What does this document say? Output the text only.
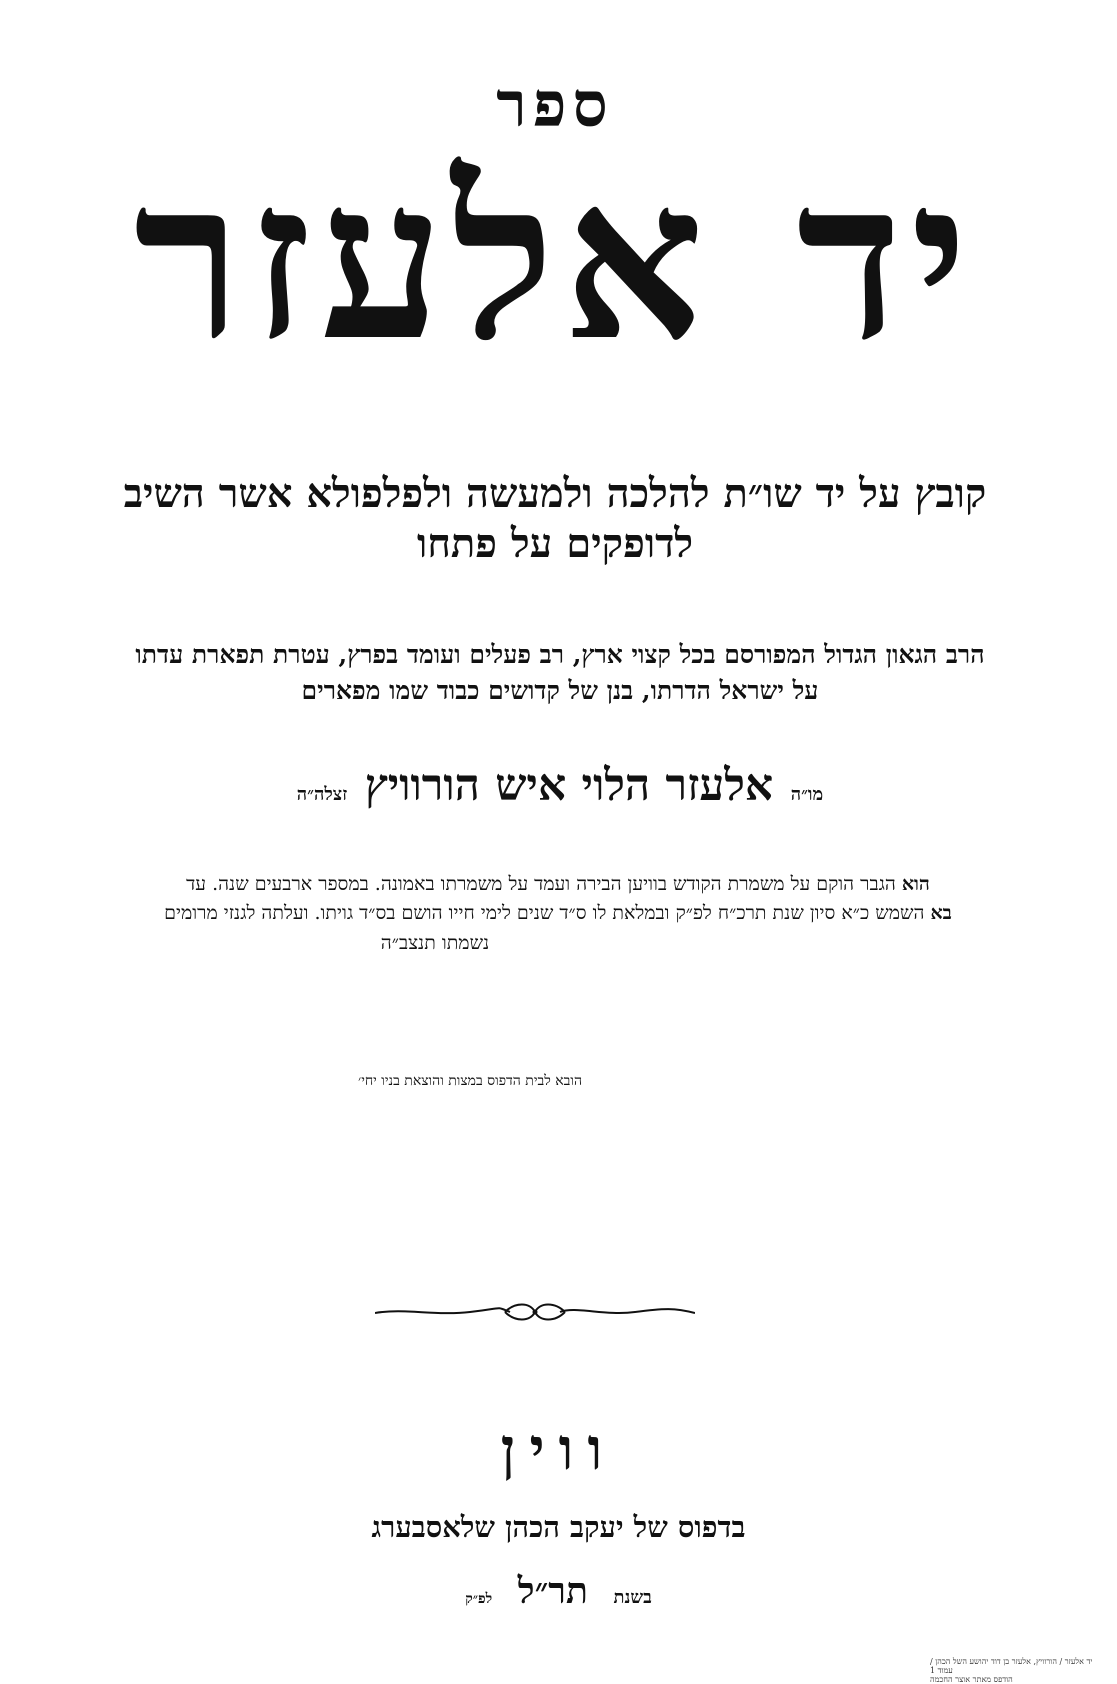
ספר
יד אלעזר
קובץ על יד שו״ת להלכה ולמעשה ולפלפולא אשר השיב
לדופקים על פתחו
הרב הגאון הגדול המפורסם בכל קצוי ארץ, רב פעלים ועומד בפרץ, עטרת תפארת עדתו
על ישראל הדרתו, בנן של קדושים כבוד שמו מפארים
מו״ה אלעזר הלוי איש הורוויץ זצלה״ה
הוא הגבר הוקם על משמרת הקודש בוויען הבירה ועמד על משמרתו באמונה. במספר ארבעים שנה. עד
בא השמש כ״א סיון שנת תרכ״ח לפ״ק ובמלאת לו ס״ד שנים לימי חייו הושם בס״ד גויתו. ועלתה לגנזי מרומים
נשמתו תנצב״ה
הובא לבית הדפוס במצות והוצאת בניו יחי׳
ווין
בדפוס של יעקב הכהן שלאסבערג
בשנת תר״ל לפ״ק
יד אלעזר / הורוויץ, אלעזר בן דוד יהושע השל הכהן / עמוד 1
הודפס מאתר אוצר החכמה
